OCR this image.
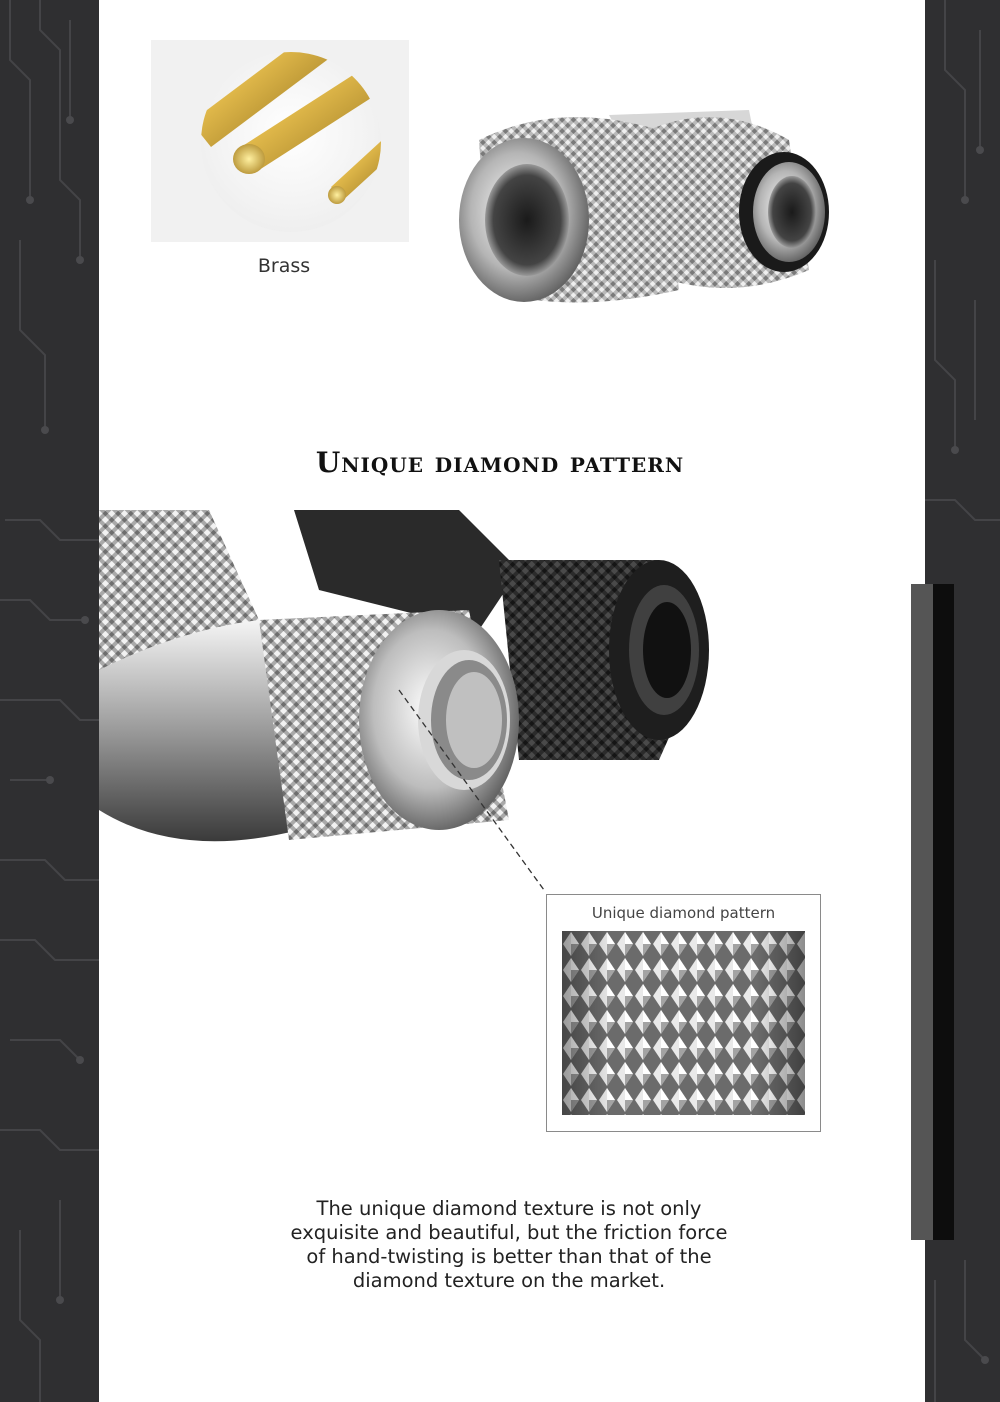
Brass
Unique diamond pattern
Unique diamond pattern
The unique diamond texture is not only
exquisite and beautiful, but the friction force
of hand-twisting is better than that of the
diamond texture on the market.
